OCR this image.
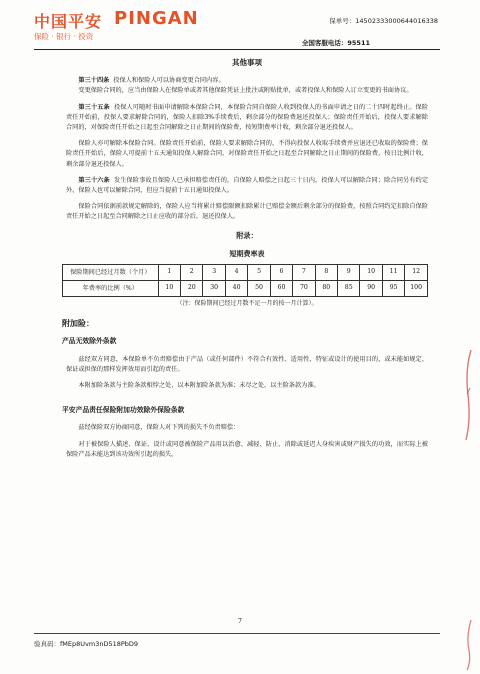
中国平安 PINGAN
保险 · 银行 · 投资
保单号：14502333000644016338
全国客服电话：95511
其他事项

第三十四条 投保人和保险人可以协商变更合同内容。

变更保险合同的，应当由保险人在保险单或者其他保险凭证上批注或附贴批单，或者投保人和保险人订立变更的书面协议。

第三十五条 投保人可随时书面申请解除本保险合同，本保险合同自保险人收到投保人的书面申请之日的二十四时起终止。保险责任开始前，投保人要求解除合同的，保险人扣除3%手续费后，剩余部分的保险费退还投保人；保险责任开始后，投保人要求解除合同的，对保险责任开始之日起至合同解除之日止期间的保险费，按短期费率计收，剩余部分退还投保人。

保险人亦可解除本保险合同。保险责任开始前，保险人要求解除合同的，不得向投保人收取手续费并应退还已收取的保险费；保险责任开始后，保险人可提前十五天通知投保人解除合同，对保险责任开始之日起至合同解除之日止期间的保险费，按日比例计收，剩余部分退还投保人。

第三十六条 发生保险事故且保险人已承担赔偿责任的，自保险人赔偿之日起三十日内，投保人可以解除合同；除合同另有约定外，保险人也可以解除合同，但应当提前十五日通知投保人。

保险合同依据前款规定解除的，保险人应当将累计赔偿限额扣除累计已赔偿金额后剩余部分的保险费，按照合同约定扣除自保险责任开始之日起至合同解除之日止应收的部分后，退还投保人。

附录：
短期费率表
保险期间已经过月数（个月）	1	2	3	4	5	6	7	8	9	10	11	12
年费率的比例（%）	10	20	30	40	50	60	70	80	85	90	95	100
（注：保险期间已经过月数不足一月的按一月计算）。
附加险：
产品无效除外条款

兹经双方同意，本保险单不负责赔偿由于产品（或任何部件）不符合有效性、适用性、特征或设计的使用目的，或未能如规定、保证或担保的那样发挥效用而引起的责任。

本附加险条款与主险条款相悖之处，以本附加险条款为准；未尽之处，以主险条款为准。

平安产品责任保险附加功效除外保险条款

兹经保险双方协商同意，保险人对下列的损失不负责赔偿：

对于被保险人描述、保证、设计或同意被保险产品用以治愈、减轻、防止、消除或延迟人身疾害或财产损失的功效，而实际上被保险产品未能达到该功效所引起的损失。

7
验真码：fMEp8Uvm3nD518PbD9
